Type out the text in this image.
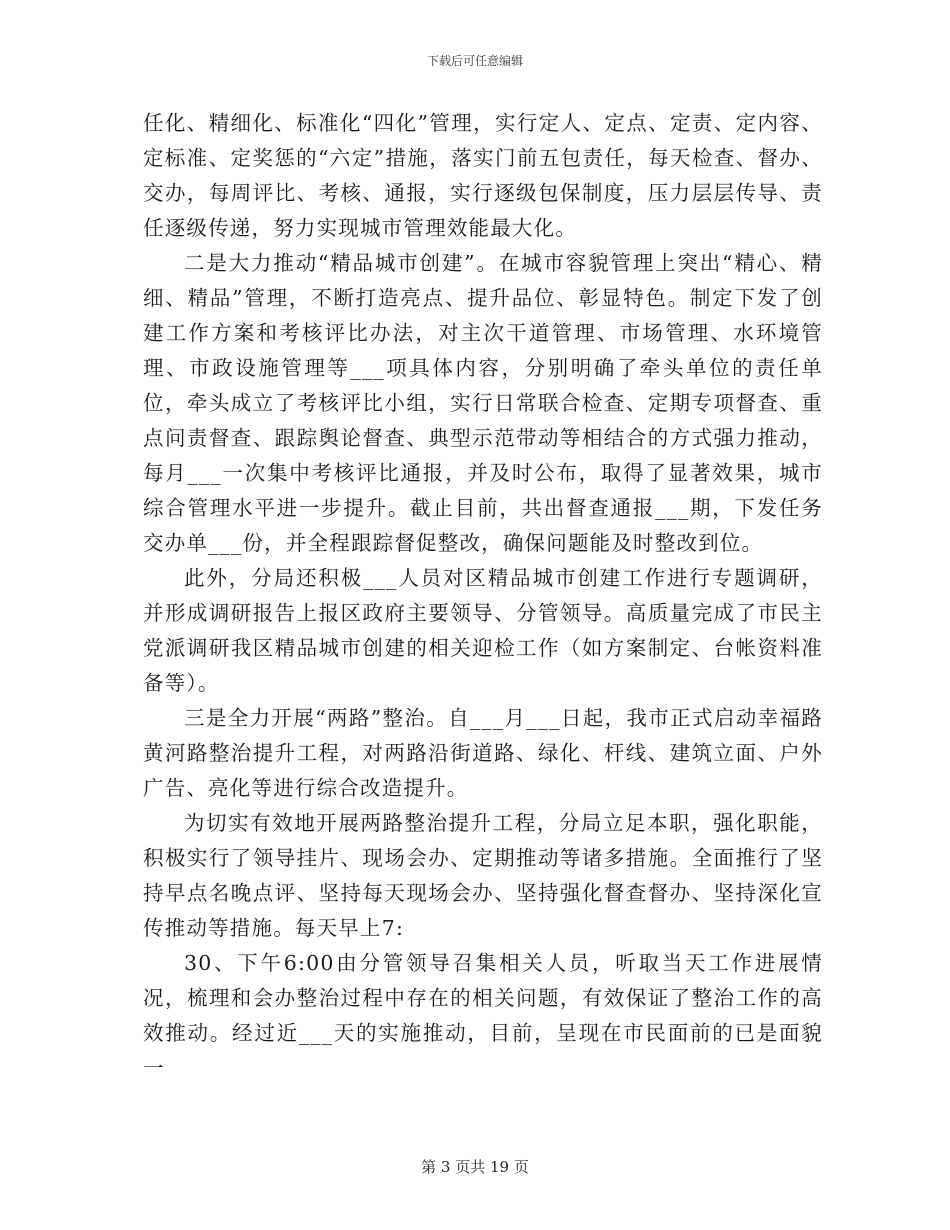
下载后可任意编辑

任化、精细化、标准化“四化”管理，实行定人、定点、定责、定内容、定标准、定奖惩的“六定”措施，落实门前五包责任，每天检查、督办、交办，每周评比、考核、通报，实行逐级包保制度，压力层层传导、责任逐级传递，努力实现城市管理效能最大化。

二是大力推动“精品城市创建”。在城市容貌管理上突出“精心、精细、精品”管理，不断打造亮点、提升品位、彰显特色。制定下发了创建工作方案和考核评比办法，对主次干道管理、市场管理、水环境管理、市政设施管理等___项具体内容，分别明确了牵头单位的责任单位，牵头成立了考核评比小组，实行日常联合检查、定期专项督查、重点问责督查、跟踪舆论督查、典型示范带动等相结合的方式强力推动，每月___一次集中考核评比通报，并及时公布，取得了显著效果，城市综合管理水平进一步提升。截止目前，共出督查通报___期，下发任务交办单___份，并全程跟踪督促整改，确保问题能及时整改到位。

此外，分局还积极___人员对区精品城市创建工作进行专题调研，并形成调研报告上报区政府主要领导、分管领导。高质量完成了市民主党派调研我区精品城市创建的相关迎检工作（如方案制定、台帐资料准备等）。

三是全力开展“两路”整治。自___月___日起，我市正式启动幸福路黄河路整治提升工程，对两路沿街道路、绿化、杆线、建筑立面、户外广告、亮化等进行综合改造提升。

为切实有效地开展两路整治提升工程，分局立足本职，强化职能，积极实行了领导挂片、现场会办、定期推动等诸多措施。全面推行了坚持早点名晚点评、坚持每天现场会办、坚持强化督查督办、坚持深化宣传推动等措施。每天早上7:

30、下午6:00由分管领导召集相关人员，听取当天工作进展情况，梳理和会办整治过程中存在的相关问题，有效保证了整治工作的高效推动。经过近___天的实施推动，目前，呈现在市民面前的已是面貌一

第 3 页共 19 页
